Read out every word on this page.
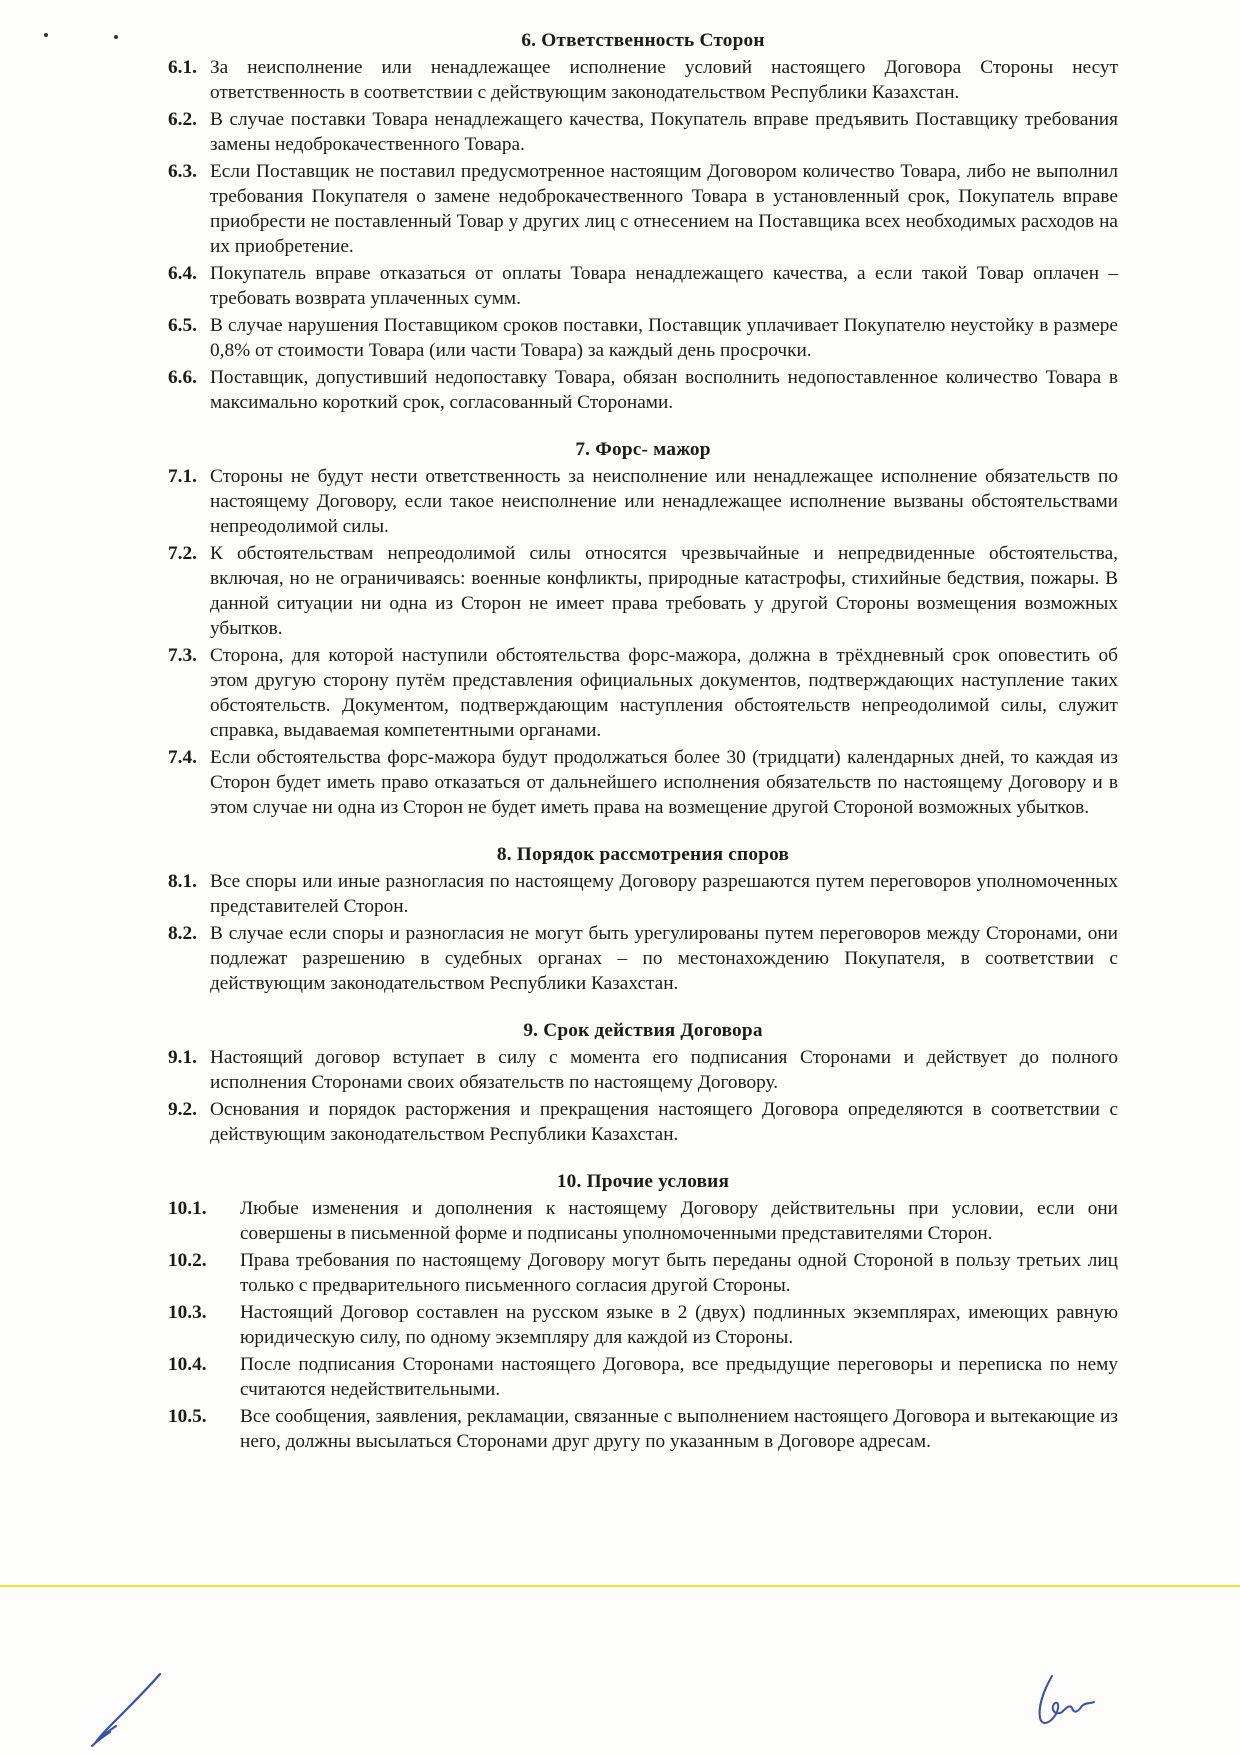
6. Ответственность Сторон
6.1. За неисполнение или ненадлежащее исполнение условий настоящего Договора Стороны несут ответственность в соответствии с действующим законодательством Республики Казахстан.
6.2. В случае поставки Товара ненадлежащего качества, Покупатель вправе предъявить Поставщику требования замены недоброкачественного Товара.
6.3. Если Поставщик не поставил предусмотренное настоящим Договором количество Товара, либо не выполнил требования Покупателя о замене недоброкачественного Товара в установленный срок, Покупатель вправе приобрести не поставленный Товар у других лиц с отнесением на Поставщика всех необходимых расходов на их приобретение.
6.4. Покупатель вправе отказаться от оплаты Товара ненадлежащего качества, а если такой Товар оплачен – требовать возврата уплаченных сумм.
6.5. В случае нарушения Поставщиком сроков поставки, Поставщик уплачивает Покупателю неустойку в размере 0,8% от стоимости Товара (или части Товара) за каждый день просрочки.
6.6. Поставщик, допустивший недопоставку Товара, обязан восполнить недопоставленное количество Товара в максимально короткий срок, согласованный Сторонами.
7. Форс- мажор
7.1. Стороны не будут нести ответственность за неисполнение или ненадлежащее исполнение обязательств по настоящему Договору, если такое неисполнение или ненадлежащее исполнение вызваны обстоятельствами непреодолимой силы.
7.2. К обстоятельствам непреодолимой силы относятся чрезвычайные и непредвиденные обстоятельства, включая, но не ограничиваясь: военные конфликты, природные катастрофы, стихийные бедствия, пожары. В данной ситуации ни одна из Сторон не имеет права требовать у другой Стороны возмещения возможных убытков.
7.3. Сторона, для которой наступили обстоятельства форс-мажора, должна в трёхдневный срок оповестить об этом другую сторону путём представления официальных документов, подтверждающих наступление таких обстоятельств. Документом, подтверждающим наступления обстоятельств непреодолимой силы, служит справка, выдаваемая компетентными органами.
7.4. Если обстоятельства форс-мажора будут продолжаться более 30 (тридцати) календарных дней, то каждая из Сторон будет иметь право отказаться от дальнейшего исполнения обязательств по настоящему Договору и в этом случае ни одна из Сторон не будет иметь права на возмещение другой Стороной возможных убытков.
8. Порядок рассмотрения споров
8.1. Все споры или иные разногласия по настоящему Договору разрешаются путем переговоров уполномоченных представителей Сторон.
8.2. В случае если споры и разногласия не могут быть урегулированы путем переговоров между Сторонами, они подлежат разрешению в судебных органах – по местонахождению Покупателя, в соответствии с действующим законодательством Республики Казахстан.
9. Срок действия Договора
9.1. Настоящий договор вступает в силу с момента его подписания Сторонами и действует до полного исполнения Сторонами своих обязательств по настоящему Договору.
9.2. Основания и порядок расторжения и прекращения настоящего Договора определяются в соответствии с действующим законодательством Республики Казахстан.
10. Прочие условия
10.1.	Любые изменения и дополнения к настоящему Договору действительны при условии, если они совершены в письменной форме и подписаны уполномоченными представителями Сторон.
10.2.	Права требования по настоящему Договору могут быть переданы одной Стороной в пользу третьих лиц только с предварительного письменного согласия другой Стороны.
10.3.	Настоящий Договор составлен на русском языке в 2 (двух) подлинных экземплярах, имеющих равную юридическую силу, по одному экземпляру для каждой из Стороны.
10.4.	После подписания Сторонами настоящего Договора, все предыдущие переговоры и переписка по нему считаются недействительными.
10.5.	Все сообщения, заявления, рекламации, связанные с выполнением настоящего Договора и вытекающие из него, должны высылаться Сторонами друг другу по указанным в Договоре адресам.
